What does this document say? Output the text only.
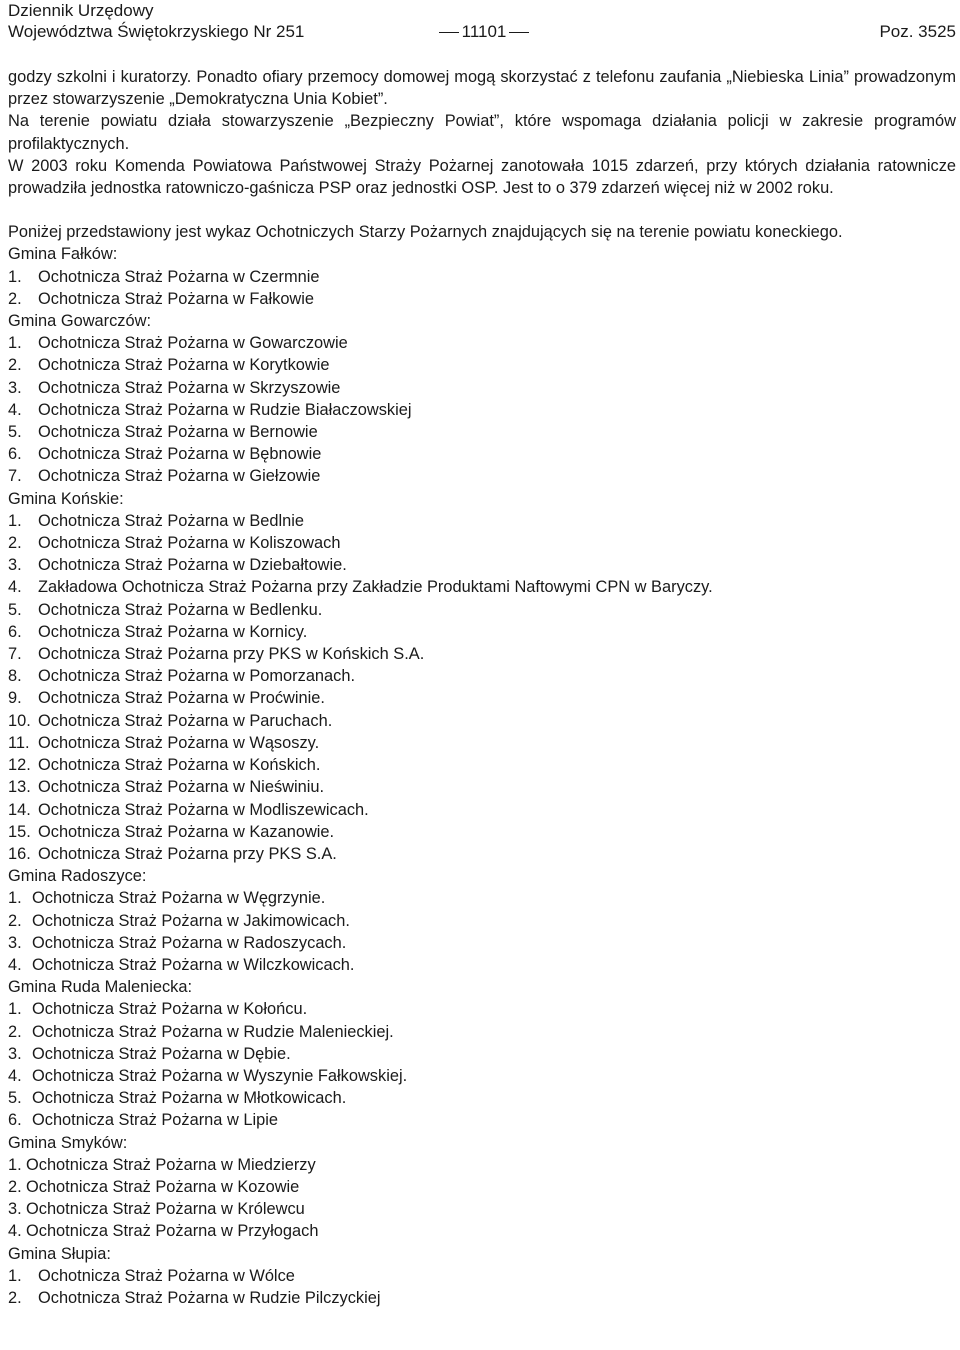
Dziennik Urzędowy
Województwa Świętokrzyskiego Nr 251	11101	Poz. 3525

godzy szkolni i kuratorzy. Ponadto ofiary przemocy domowej mogą skorzystać z telefonu zaufania „Niebieska Linia” prowadzonym przez stowarzyszenie „Demokratyczna Unia Kobiet”.

Na terenie powiatu działa stowarzyszenie „Bezpieczny Powiat”, które wspomaga działania policji w zakresie programów profilaktycznych.

W 2003 roku Komenda Powiatowa Państwowej Straży Pożarnej zanotowała 1015 zdarzeń, przy których działania ratownicze prowadziła jednostka ratowniczo-gaśnicza PSP oraz jednostki OSP. Jest to o 379 zdarzeń więcej niż w 2002 roku.

Poniżej przedstawiony jest wykaz Ochotniczych Starzy Pożarnych znajdujących się na terenie powiatu koneckiego.

Gmina Fałków:
1. Ochotnicza Straż Pożarna w Czermnie
2. Ochotnicza Straż Pożarna w Fałkowie
Gmina Gowarczów:
1. Ochotnicza Straż Pożarna w Gowarczowie
2. Ochotnicza Straż Pożarna w Korytkowie
3. Ochotnicza Straż Pożarna w Skrzyszowie
4. Ochotnicza Straż Pożarna w Rudzie Białaczowskiej
5. Ochotnicza Straż Pożarna w Bernowie
6. Ochotnicza Straż Pożarna w Bębnowie
7. Ochotnicza Straż Pożarna w Giełzowie
Gmina Końskie:
1. Ochotnicza Straż Pożarna w Bedlnie
2. Ochotnicza Straż Pożarna w Koliszowach
3. Ochotnicza Straż Pożarna w Dziebałtowie.
4. Zakładowa Ochotnicza Straż Pożarna przy Zakładzie Produktami Naftowymi CPN w Baryczy.
5. Ochotnicza Straż Pożarna w Bedlenku.
6. Ochotnicza Straż Pożarna w Kornicy.
7. Ochotnicza Straż Pożarna przy PKS w Końskich S.A.
8. Ochotnicza Straż Pożarna w Pomorzanach.
9. Ochotnicza Straż Pożarna w Proćwinie.
10. Ochotnicza Straż Pożarna w Paruchach.
11. Ochotnicza Straż Pożarna w Wąsoszy.
12. Ochotnicza Straż Pożarna w Końskich.
13. Ochotnicza Straż Pożarna w Nieświniu.
14. Ochotnicza Straż Pożarna w Modliszewicach.
15. Ochotnicza Straż Pożarna w Kazanowie.
16. Ochotnicza Straż Pożarna przy PKS S.A.
Gmina Radoszyce:
1. Ochotnicza Straż Pożarna w Węgrzynie.
2. Ochotnicza Straż Pożarna w Jakimowicach.
3. Ochotnicza Straż Pożarna w Radoszycach.
4. Ochotnicza Straż Pożarna w Wilczkowicach.
Gmina Ruda Maleniecka:
1. Ochotnicza Straż Pożarna w Kołońcu.
2. Ochotnicza Straż Pożarna w Rudzie Malenieckiej.
3. Ochotnicza Straż Pożarna w Dębie.
4. Ochotnicza Straż Pożarna w Wyszynie Fałkowskiej.
5. Ochotnicza Straż Pożarna w Młotkowicach.
6. Ochotnicza Straż Pożarna w Lipie
Gmina Smyków:
1. Ochotnicza Straż Pożarna w Miedzierzy
2. Ochotnicza Straż Pożarna w Kozowie
3. Ochotnicza Straż Pożarna w Królewcu
4. Ochotnicza Straż Pożarna w Przyłogach
Gmina Słupia:
1. Ochotnicza Straż Pożarna w Wólce
2. Ochotnicza Straż Pożarna w Rudzie Pilczyckiej
